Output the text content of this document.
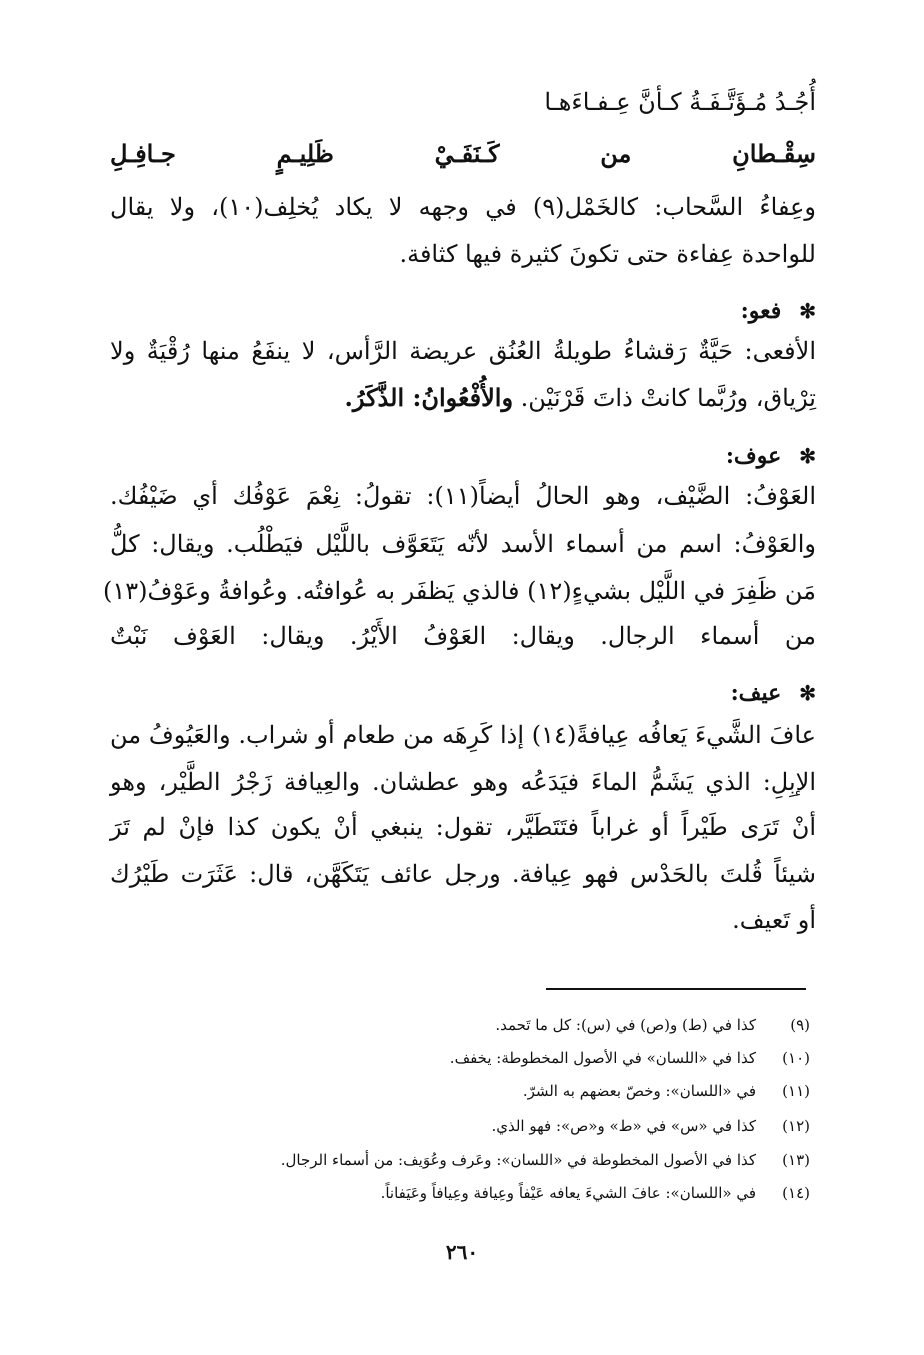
أُجُـدُ مُـؤَتَّـفَـةُ كـأنَّ عِـفـاءَهـا
سِقْـطانِ من كَـنَفَـيْ ظَلِيـمٍ جـافِـلِ
وعِفاءُ السَّحاب: كالخَمْل(٩) في وجهه لا يكاد يُخلِف(١٠)، ولا يقال
للواحدة عِفاءة حتى تكونَ كثيرة فيها كثافة.
✻فعو:
الأفعى: حَيَّةٌ رَقشاءُ طويلةُ العُنُق عريضة الرَّأس، لا ينفَعُ منها رُقْيَةٌ ولا
تِرْياق، ورُبَّما كانتْ ذاتَ قَرْنَيْن. والأُفْعُوانُ: الذَّكَرُ.
✻عوف:
العَوْفُ: الضَّيْف، وهو الحالُ أيضاً(١١): تقولُ: نِعْمَ عَوْفُك أي ضَيْفُك.
والعَوْفُ: اسم من أسماء الأسد لأنّه يَتَعَوَّف باللَّيْل فيَطْلُب. ويقال: كلُّ
مَن ظَفِرَ في اللَّيْل بشيءٍ(١٢) فالذي يَظفَر به عُوافتُه. وعُوافةُ وعَوْفُ(١٣)
من أسماء الرجال. ويقال: العَوْفُ الأَيْرُ. ويقال: العَوْف نَبْتٌ
✻عيف:
عافَ الشَّيءَ يَعافُه عِيافةً(١٤) إذا كَرِهَه من طعام أو شراب. والعَيُوفُ من
الإبِلِ: الذي يَشَمُّ الماءَ فيَدَعُه وهو عطشان. والعِيافة زَجْرُ الطَّيْر، وهو
أنْ تَرَى طَيْراً أو غراباً فتَتَطَيَّر، تقول: ينبغي أنْ يكون كذا فإنْ لم تَرَ
شيئاً قُلتَ بالحَدْس فهو عِيافة. ورجل عائف يَتَكَهَّن، قال: عَثَرَت طَيْرُك
أو تَعيف.
(٩)كذا في (ط) و(ص) في (س): كل ما تَحمد.
(١٠)كذا في «اللسان» في الأصول المخطوطة: يخفف.
(١١)في «اللسان»: وخصّ بعضهم به الشرّ.
(١٢)كذا في «س» في «ط» و«ص»: فهو الذي.
(١٣)كذا في الأصول المخطوطة في «اللسان»: وعَرف وعُوَيف: من أسماء الرجال.
(١٤)في «اللسان»: عافَ الشيءَ يعافه عَيْفاً وعِيافة وعِيافاً وعَيَفاناً.
٢٦٠
